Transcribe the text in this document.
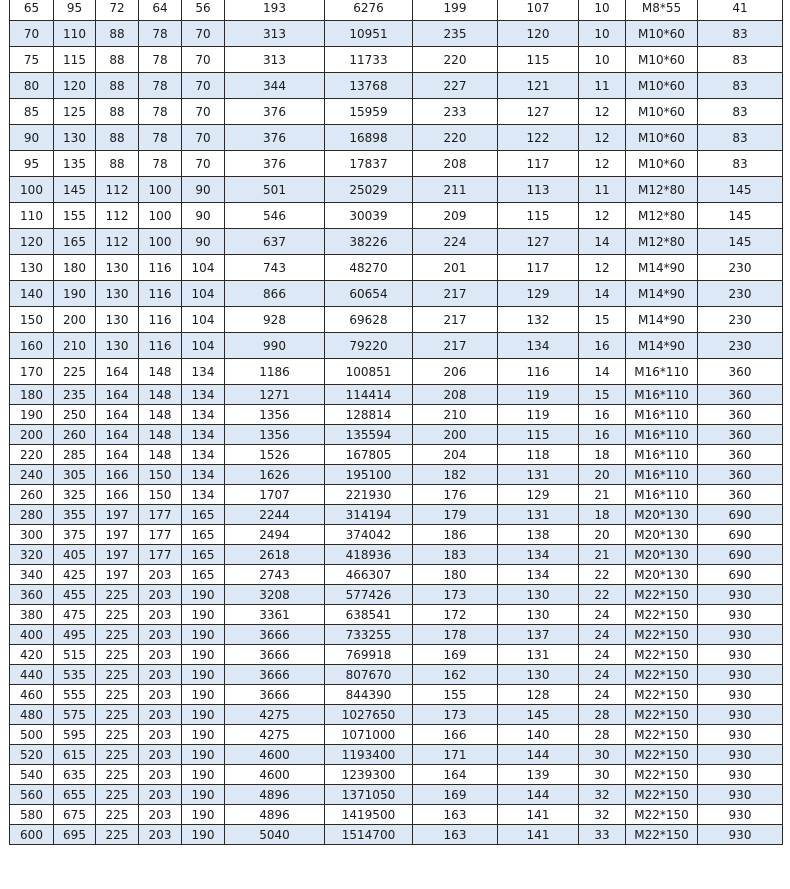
65	95	72	64	56	193	6276	199	107	10	M8*55	41
70	110	88	78	70	313	10951	235	120	10	M10*60	83
75	115	88	78	70	313	11733	220	115	10	M10*60	83
80	120	88	78	70	344	13768	227	121	11	M10*60	83
85	125	88	78	70	376	15959	233	127	12	M10*60	83
90	130	88	78	70	376	16898	220	122	12	M10*60	83
95	135	88	78	70	376	17837	208	117	12	M10*60	83
100	145	112	100	90	501	25029	211	113	11	M12*80	145
110	155	112	100	90	546	30039	209	115	12	M12*80	145
120	165	112	100	90	637	38226	224	127	14	M12*80	145
130	180	130	116	104	743	48270	201	117	12	M14*90	230
140	190	130	116	104	866	60654	217	129	14	M14*90	230
150	200	130	116	104	928	69628	217	132	15	M14*90	230
160	210	130	116	104	990	79220	217	134	16	M14*90	230
170	225	164	148	134	1186	100851	206	116	14	M16*110	360
180	235	164	148	134	1271	114414	208	119	15	M16*110	360
190	250	164	148	134	1356	128814	210	119	16	M16*110	360
200	260	164	148	134	1356	135594	200	115	16	M16*110	360
220	285	164	148	134	1526	167805	204	118	18	M16*110	360
240	305	166	150	134	1626	195100	182	131	20	M16*110	360
260	325	166	150	134	1707	221930	176	129	21	M16*110	360
280	355	197	177	165	2244	314194	179	131	18	M20*130	690
300	375	197	177	165	2494	374042	186	138	20	M20*130	690
320	405	197	177	165	2618	418936	183	134	21	M20*130	690
340	425	197	203	165	2743	466307	180	134	22	M20*130	690
360	455	225	203	190	3208	577426	173	130	22	M22*150	930
380	475	225	203	190	3361	638541	172	130	24	M22*150	930
400	495	225	203	190	3666	733255	178	137	24	M22*150	930
420	515	225	203	190	3666	769918	169	131	24	M22*150	930
440	535	225	203	190	3666	807670	162	130	24	M22*150	930
460	555	225	203	190	3666	844390	155	128	24	M22*150	930
480	575	225	203	190	4275	1027650	173	145	28	M22*150	930
500	595	225	203	190	4275	1071000	166	140	28	M22*150	930
520	615	225	203	190	4600	1193400	171	144	30	M22*150	930
540	635	225	203	190	4600	1239300	164	139	30	M22*150	930
560	655	225	203	190	4896	1371050	169	144	32	M22*150	930
580	675	225	203	190	4896	1419500	163	141	32	M22*150	930
600	695	225	203	190	5040	1514700	163	141	33	M22*150	930
